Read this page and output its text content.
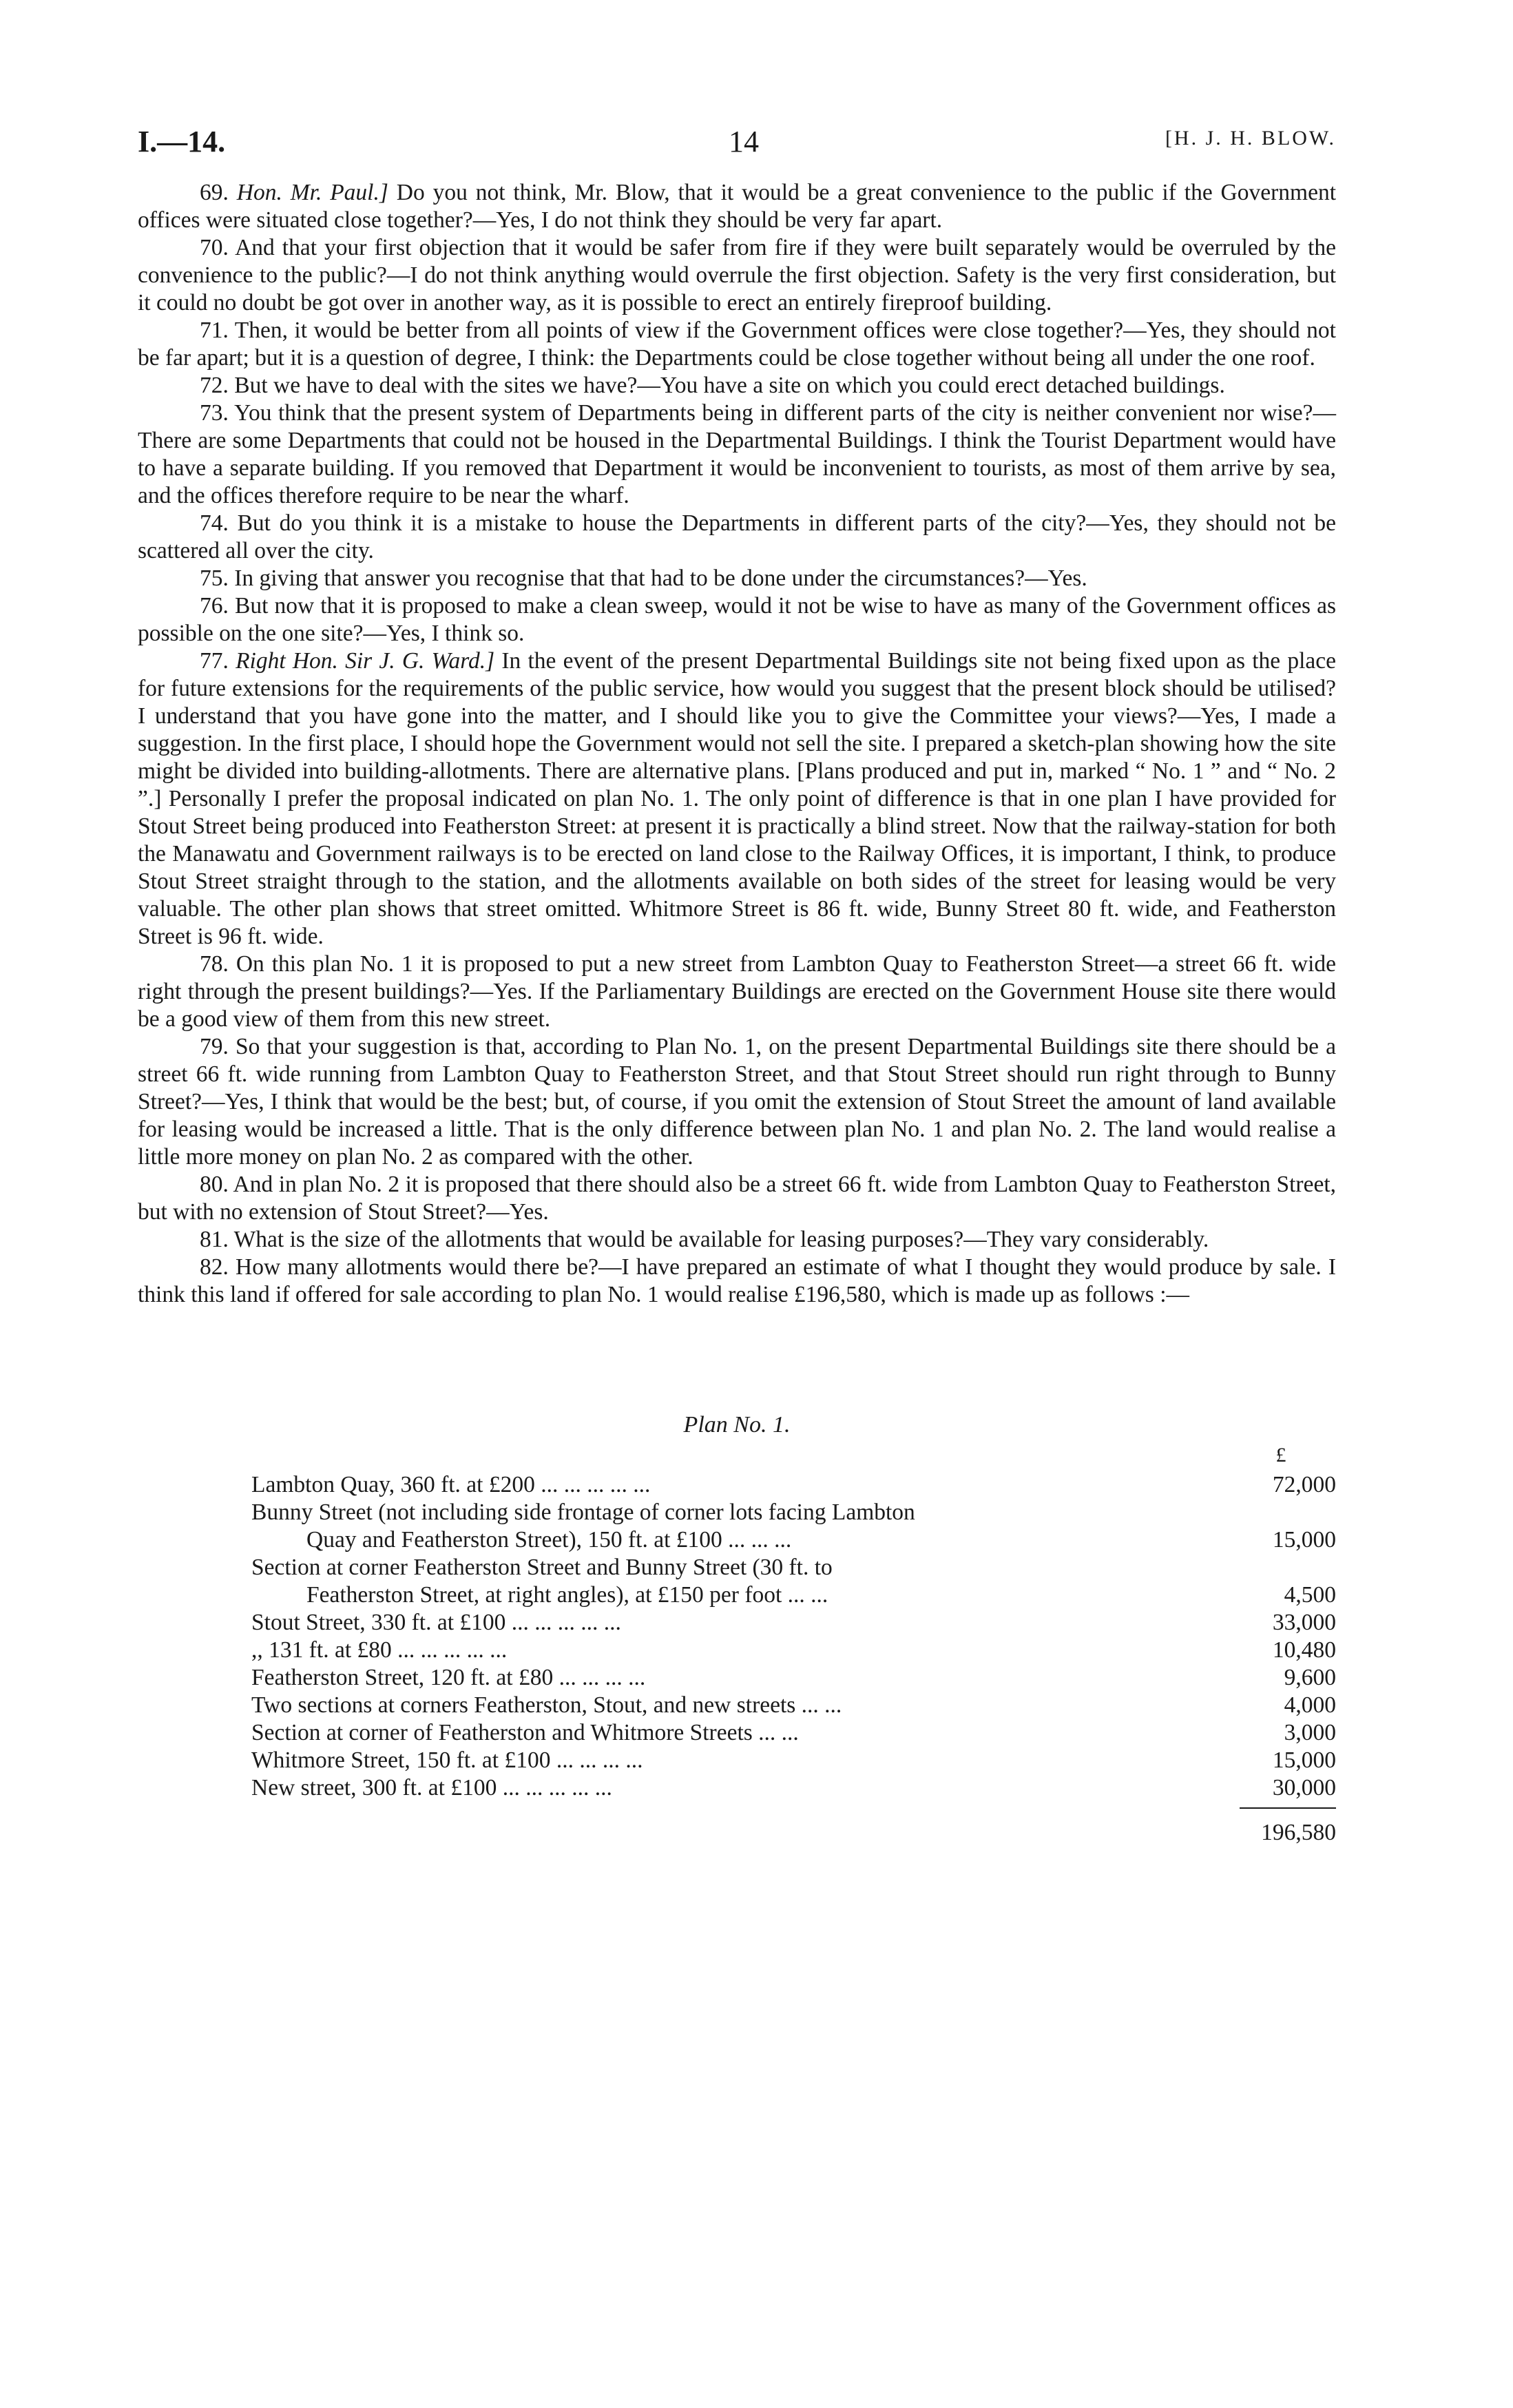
I.—14.	14	[H. J. H. BLOW.

69. Hon. Mr. Paul.] Do you not think, Mr. Blow, that it would be a great convenience to the public if the Government offices were situated close together?—Yes, I do not think they should be very far apart.

70. And that your first objection that it would be safer from fire if they were built separately would be overruled by the convenience to the public?—I do not think anything would overrule the first objection. Safety is the very first consideration, but it could no doubt be got over in another way, as it is possible to erect an entirely fireproof building.

71. Then, it would be better from all points of view if the Government offices were close together?—Yes, they should not be far apart; but it is a question of degree, I think: the Departments could be close together without being all under the one roof.

72. But we have to deal with the sites we have?—You have a site on which you could erect detached buildings.

73. You think that the present system of Departments being in different parts of the city is neither convenient nor wise?—There are some Departments that could not be housed in the Departmental Buildings. I think the Tourist Department would have to have a separate building. If you removed that Department it would be inconvenient to tourists, as most of them arrive by sea, and the offices therefore require to be near the wharf.

74. But do you think it is a mistake to house the Departments in different parts of the city?—Yes, they should not be scattered all over the city.

75. In giving that answer you recognise that that had to be done under the circumstances?—Yes.

76. But now that it is proposed to make a clean sweep, would it not be wise to have as many of the Government offices as possible on the one site?—Yes, I think so.

77. Right Hon. Sir J. G. Ward.] In the event of the present Departmental Buildings site not being fixed upon as the place for future extensions for the requirements of the public service, how would you suggest that the present block should be utilised? I understand that you have gone into the matter, and I should like you to give the Committee your views?—Yes, I made a suggestion. In the first place, I should hope the Government would not sell the site. I prepared a sketch-plan showing how the site might be divided into building-allotments. There are alternative plans. [Plans produced and put in, marked “ No. 1 ” and “ No. 2 ”.] Personally I prefer the proposal indicated on plan No. 1. The only point of difference is that in one plan I have provided for Stout Street being produced into Featherston Street: at present it is practically a blind street. Now that the railway-station for both the Manawatu and Government railways is to be erected on land close to the Railway Offices, it is important, I think, to produce Stout Street straight through to the station, and the allotments available on both sides of the street for leasing would be very valuable. The other plan shows that street omitted. Whitmore Street is 86 ft. wide, Bunny Street 80 ft. wide, and Featherston Street is 96 ft. wide.

78. On this plan No. 1 it is proposed to put a new street from Lambton Quay to Featherston Street—a street 66 ft. wide right through the present buildings?—Yes. If the Parliamentary Buildings are erected on the Government House site there would be a good view of them from this new street.

79. So that your suggestion is that, according to Plan No. 1, on the present Departmental Buildings site there should be a street 66 ft. wide running from Lambton Quay to Featherston Street, and that Stout Street should run right through to Bunny Street?—Yes, I think that would be the best; but, of course, if you omit the extension of Stout Street the amount of land available for leasing would be increased a little. That is the only difference between plan No. 1 and plan No. 2. The land would realise a little more money on plan No. 2 as compared with the other.

80. And in plan No. 2 it is proposed that there should also be a street 66 ft. wide from Lambton Quay to Featherston Street, but with no extension of Stout Street?—Yes.

81. What is the size of the allotments that would be available for leasing purposes?—They vary considerably.

82. How many allotments would there be?—I have prepared an estimate of what I thought they would produce by sale. I think this land if offered for sale according to plan No. 1 would realise £196,580, which is made up as follows :—

Plan No. 1.
£
Lambton Quay, 360 ft. at £200 ... ... ... ... ...	72,000
Bunny Street (not including side frontage of corner lots facing Lambton
Quay and Featherston Street), 150 ft. at £100 ... ... ...	15,000
Section at corner Featherston Street and Bunny Street (30 ft. to
Featherston Street, at right angles), at £150 per foot ... ...	4,500
Stout Street, 330 ft. at £100 ... ... ... ... ...	33,000
,, 131 ft. at £80 ... ... ... ... ...	10,480
Featherston Street, 120 ft. at £80 ... ... ... ...	9,600
Two sections at corners Featherston, Stout, and new streets ... ...	4,000
Section at corner of Featherston and Whitmore Streets ... ...	3,000
Whitmore Street, 150 ft. at £100 ... ... ... ...	15,000
New street, 300 ft. at £100 ... ... ... ... ...	30,000
196,580
